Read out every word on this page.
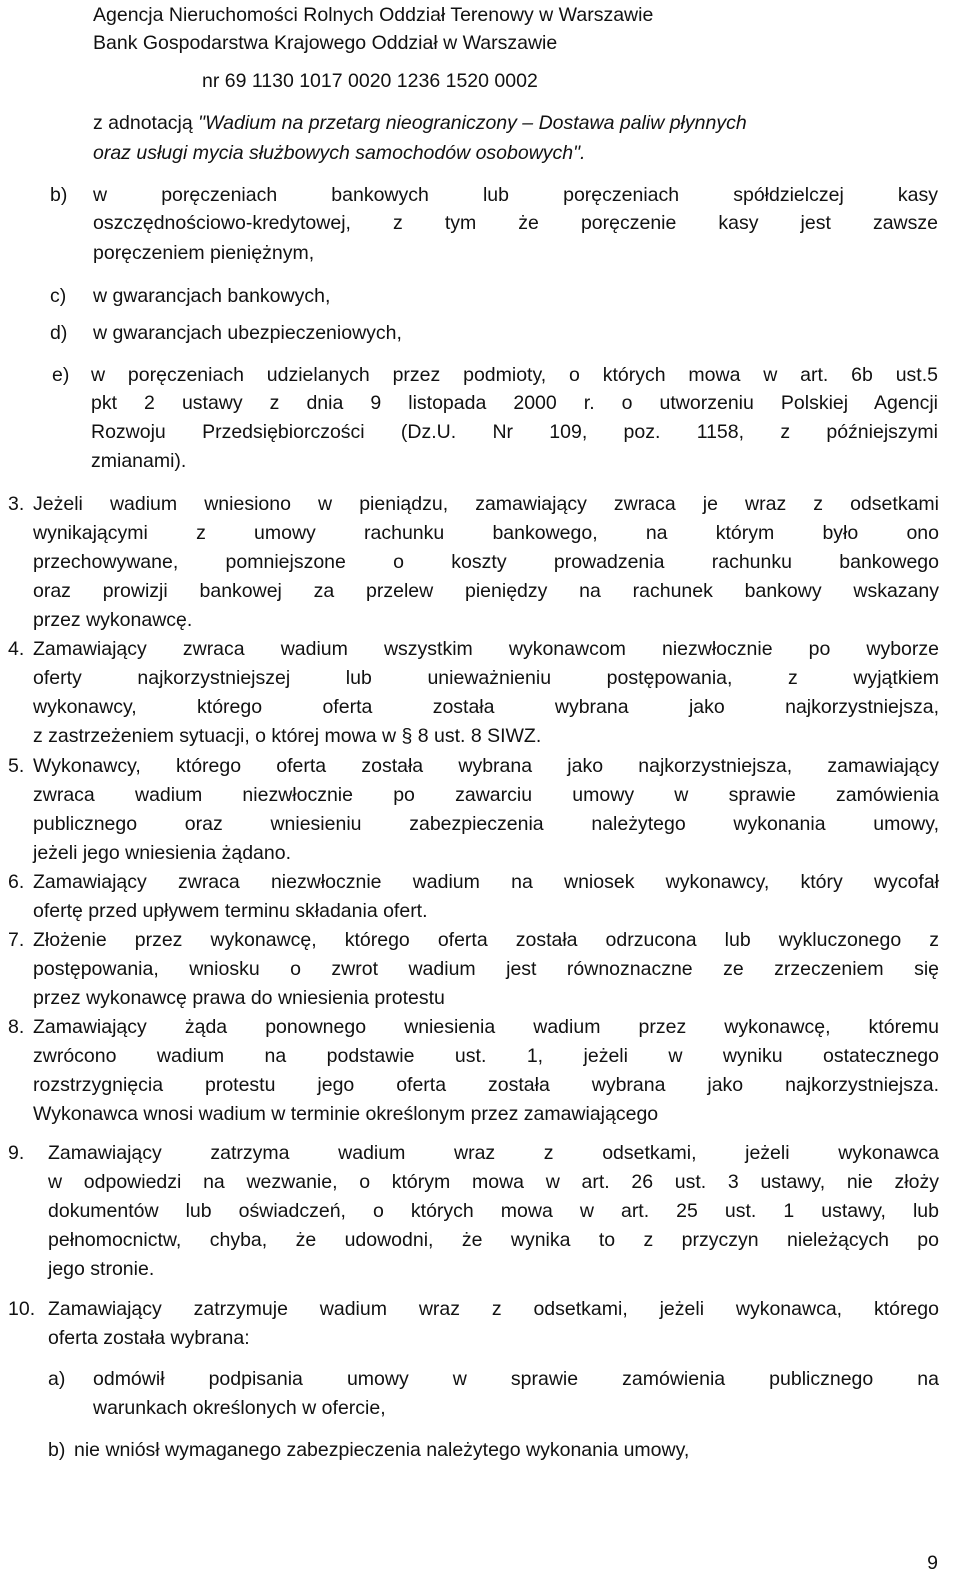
Agencja Nieruchomości Rolnych Oddział Terenowy w Warszawie
Bank Gospodarstwa Krajowego Oddział w Warszawie
nr 69 1130 1017 0020 1236 1520 0002
z adnotacją "Wadium na przetarg nieograniczony – Dostawa paliw płynnych
oraz usługi mycia służbowych samochodów osobowych".
b) w poręczeniach bankowych lub poręczeniach spółdzielczej kasy
oszczędnościowo-kredytowej, z tym że poręczenie kasy jest zawsze
poręczeniem pieniężnym,
c) w gwarancjach bankowych,
d) w gwarancjach ubezpieczeniowych,
e) w poręczeniach udzielanych przez podmioty, o których mowa w art. 6b ust.5
pkt 2 ustawy z dnia 9 listopada 2000 r. o utworzeniu Polskiej Agencji
Rozwoju Przedsiębiorczości (Dz.U. Nr 109, poz. 1158, z późniejszymi
zmianami).
3. Jeżeli wadium wniesiono w pieniądzu, zamawiający zwraca je wraz z odsetkami
wynikającymi z umowy rachunku bankowego, na którym było ono
przechowywane, pomniejszone o koszty prowadzenia rachunku bankowego
oraz prowizji bankowej za przelew pieniędzy na rachunek bankowy wskazany
przez wykonawcę.
4. Zamawiający zwraca wadium wszystkim wykonawcom niezwłocznie po wyborze
oferty najkorzystniejszej lub unieważnieniu postępowania, z wyjątkiem
wykonawcy, którego oferta została wybrana jako najkorzystniejsza,
z zastrzeżeniem sytuacji, o której mowa w § 8 ust. 8 SIWZ.
5. Wykonawcy, którego oferta została wybrana jako najkorzystniejsza, zamawiający
zwraca wadium niezwłocznie po zawarciu umowy w sprawie zamówienia
publicznego oraz wniesieniu zabezpieczenia należytego wykonania umowy,
jeżeli jego wniesienia żądano.
6. Zamawiający zwraca niezwłocznie wadium na wniosek wykonawcy, który wycofał
ofertę przed upływem terminu składania ofert.
7. Złożenie przez wykonawcę, którego oferta została odrzucona lub wykluczonego z
postępowania, wniosku o zwrot wadium jest równoznaczne ze zrzeczeniem się
przez wykonawcę prawa do wniesienia protestu
8. Zamawiający żąda ponownego wniesienia wadium przez wykonawcę, któremu
zwrócono wadium na podstawie ust. 1, jeżeli w wyniku ostatecznego
rozstrzygnięcia protestu jego oferta została wybrana jako najkorzystniejsza.
Wykonawca wnosi wadium w terminie określonym przez zamawiającego
9. Zamawiający zatrzyma wadium wraz z odsetkami, jeżeli wykonawca
w odpowiedzi na wezwanie, o którym mowa w art. 26 ust. 3 ustawy, nie złoży
dokumentów lub oświadczeń, o których mowa w art. 25 ust. 1 ustawy, lub
pełnomocnictw, chyba, że udowodni, że wynika to z przyczyn nieleżących po
jego stronie.
10. Zamawiający zatrzymuje wadium wraz z odsetkami, jeżeli wykonawca, którego
oferta została wybrana:
a) odmówił podpisania umowy w sprawie zamówienia publicznego na
warunkach określonych w ofercie,
b) nie wniósł wymaganego zabezpieczenia należytego wykonania umowy,
9
